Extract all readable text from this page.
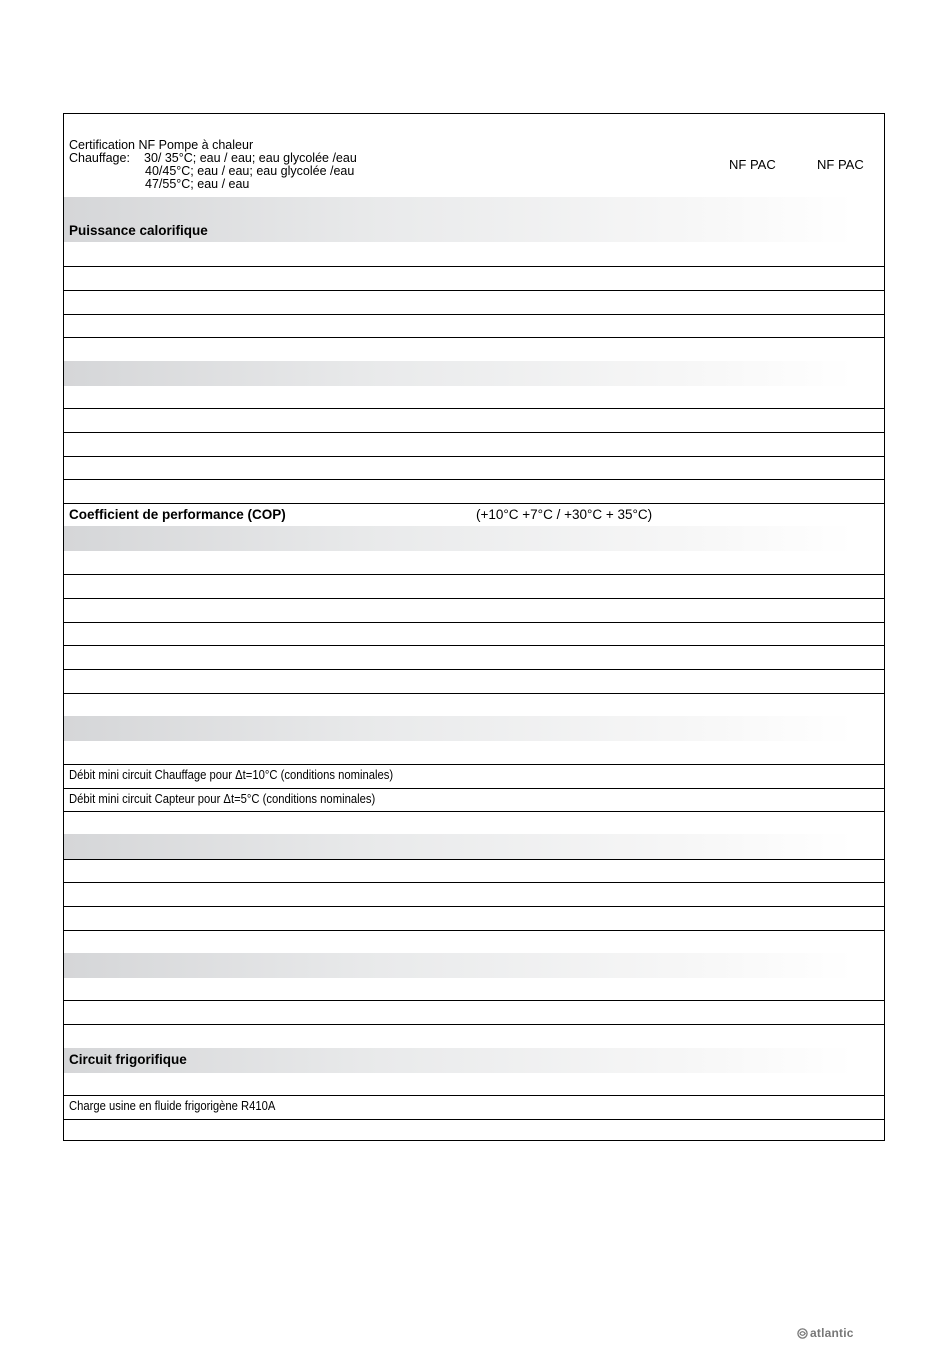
Certification NF Pompe à chaleur
Chauffage: 30/ 35°C; eau / eau; eau glycolée /eau
40/45°C; eau / eau; eau glycolée /eau
47/55°C; eau / eau
NF PAC	NF PAC
Puissance calorifique
Coefficient de performance (COP)	(+10°C +7°C / +30°C + 35°C)
Débit mini circuit Chauffage pour Δt=10°C (conditions nominales)
Débit mini circuit Capteur pour Δt=5°C (conditions nominales)
Circuit frigorifique
Charge usine en fluide frigorigène R410A
atlantic
